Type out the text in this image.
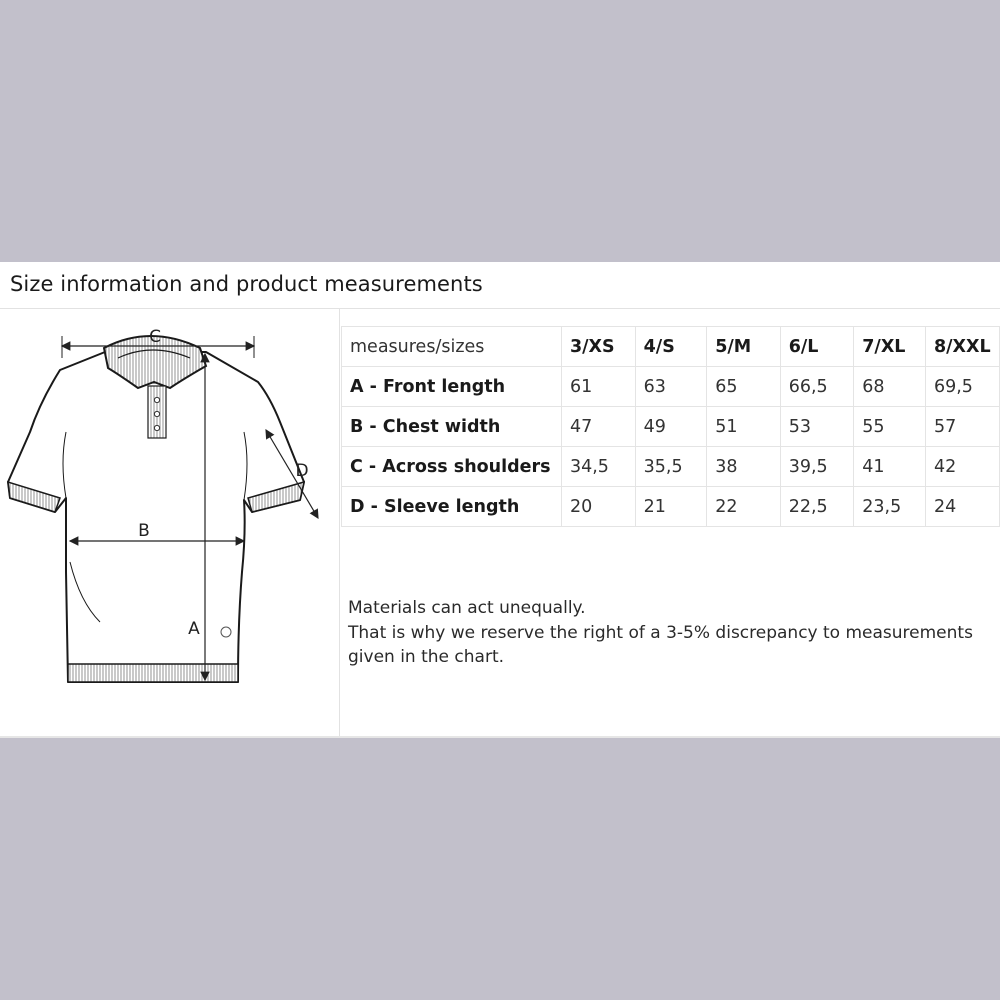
Size information and product measurements
C
B
A
D
measures/sizes	3/XS	4/S	5/M	6/L	7/XL	8/XXL
A - Front length	61	63	65	66,5	68	69,5
B - Chest width	47	49	51	53	55	57
C - Across shoulders	34,5	35,5	38	39,5	41	42
D - Sleeve length	20	21	22	22,5	23,5	24

Materials can act unequally.

That is why we reserve the right of a 3-5% discrepancy to measurements given in the chart.
